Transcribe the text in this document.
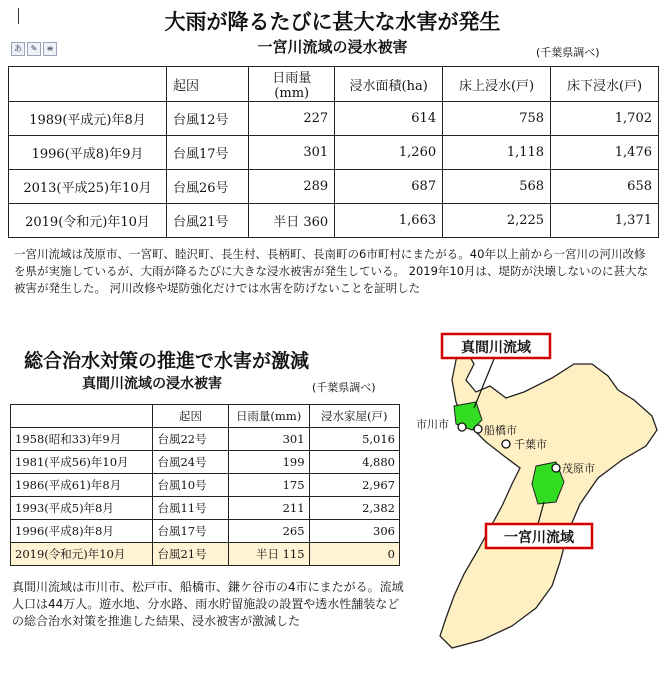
あ	✎	≡
大雨が降るたびに甚大な水害が発生
一宮川流域の浸水被害	(千葉県調べ)
	起因	日雨量(mm)	浸水面積(ha)	床上浸水(戸)	床下浸水(戸)
1989(平成元)年8月	台風12号	227	614	758	1,702
1996(平成8)年9月	台風17号	301	1,260	1,118	1,476
2013(平成25)年10月	台風26号	289	687	568	658
2019(令和元)年10月	台風21号	半日 360	1,663	2,225	1,371
一宮川流域は茂原市、一宮町、睦沢町、長生村、長柄町、長南町の6市町村にまたがる。40年以上前から一宮川の河川改修を県が実施しているが、大雨が降るたびに大きな浸水被害が発生している。 2019年10月は、堤防が決壊しないのに甚大な被害が発生した。 河川改修や堤防強化だけでは水害を防げないことを証明した
総合治水対策の推進で水害が激減
真間川流域の浸水被害	(千葉県調べ)
	起因	日雨量(mm)	浸水家屋(戸)
1958(昭和33)年9月	台風22号	301	5,016
1981(平成56)年10月	台風24号	199	4,880
1986(平成61)年8月	台風10号	175	2,967
1993(平成5)年8月	台風11号	211	2,382
1996(平成8)年8月	台風17号	265	306
2019(令和元)年10月	台風21号	半日 115	0
真間川流域は市川市、松戸市、船橋市、鎌ケ谷市の4市にまたがる。流域人口は44万人。遊水地、分水路、雨水貯留施設の設置や透水性舗装などの総合治水対策を推進した結果、浸水被害が激減した
市川市	船橋市
千葉市
茂原市
真間川流域
一宮川流域
